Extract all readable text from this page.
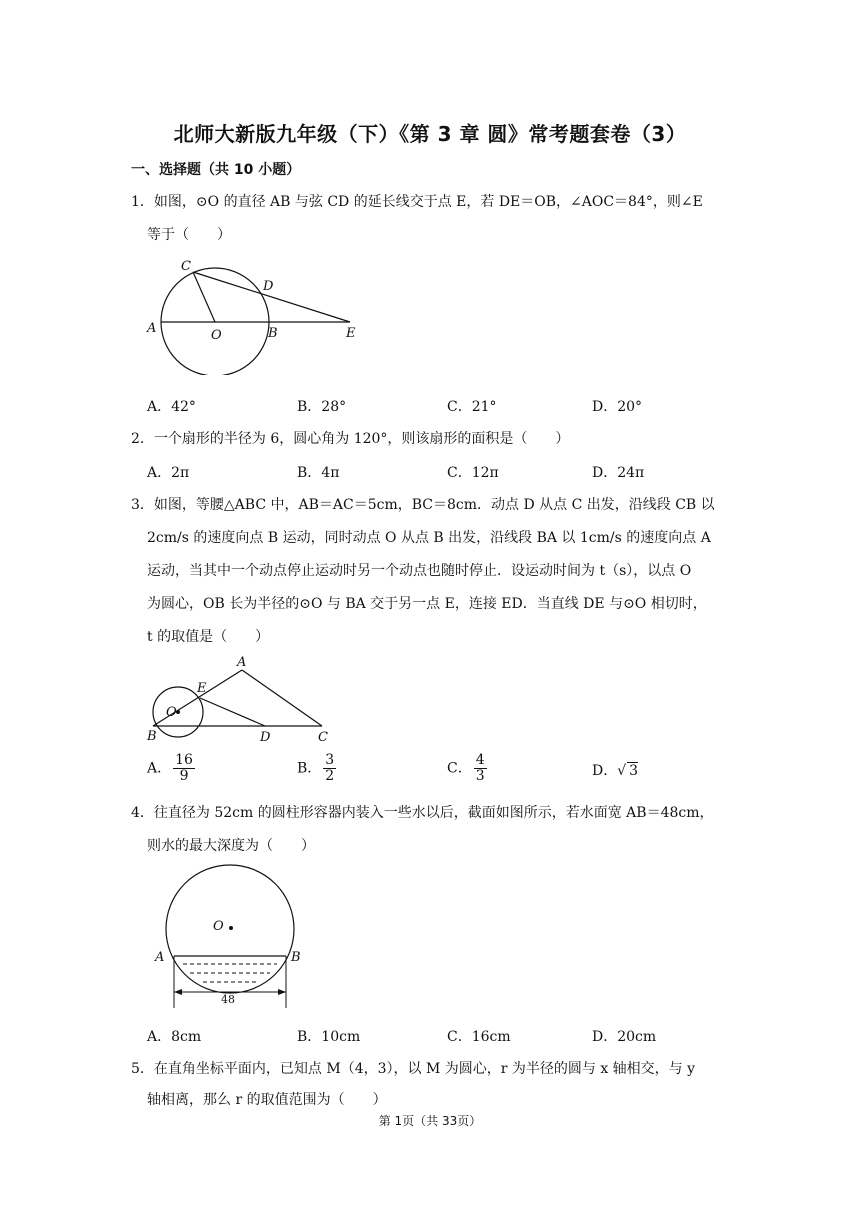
北师大新版九年级（下）《第 3 章 圆》常考题套卷（3）
一、选择题（共 10 小题）
1．如图，⊙O 的直径 AB 与弦 CD 的延长线交于点 E，若 DE＝OB，∠AOC＝84°，则∠E
等于（　　）
C
D
A	O	B	E
A．42°	B．28°	C．21°	D．20°
2．一个扇形的半径为 6，圆心角为 120°，则该扇形的面积是（　　）
A．2π	B．4π	C．12π	D．24π
3．如图，等腰△ABC 中，AB＝AC＝5cm，BC＝8cm．动点 D 从点 C 出发，沿线段 CB 以
2cm/s 的速度向点 B 运动，同时动点 O 从点 B 出发，沿线段 BA 以 1cm/s 的速度向点 A
运动，当其中一个动点停止运动时另一个动点也随时停止．设运动时间为 t（s），以点 O
为圆心，OB 长为半径的⊙O 与 BA 交于另一点 E，连接 ED．当直线 DE 与⊙O 相切时，
t 的取值是（　　）
A
E
O
B	D	C
A． $\frac{16}{9}$	B． $\frac{3}{2}$	C． $\frac{4}{3}$	D．√ 3
4．往直径为 52cm 的圆柱形容器内装入一些水以后，截面如图所示，若水面宽 AB＝48cm，
则水的最大深度为（　　）
O
A	B
48
A．8cm	B．10cm	C．16cm	D．20cm
5．在直角坐标平面内，已知点 M（4，3），以 M 为圆心，r 为半径的圆与 x 轴相交，与 y
轴相离，那么 r 的取值范围为（　　）
第 1页（共 33页）
